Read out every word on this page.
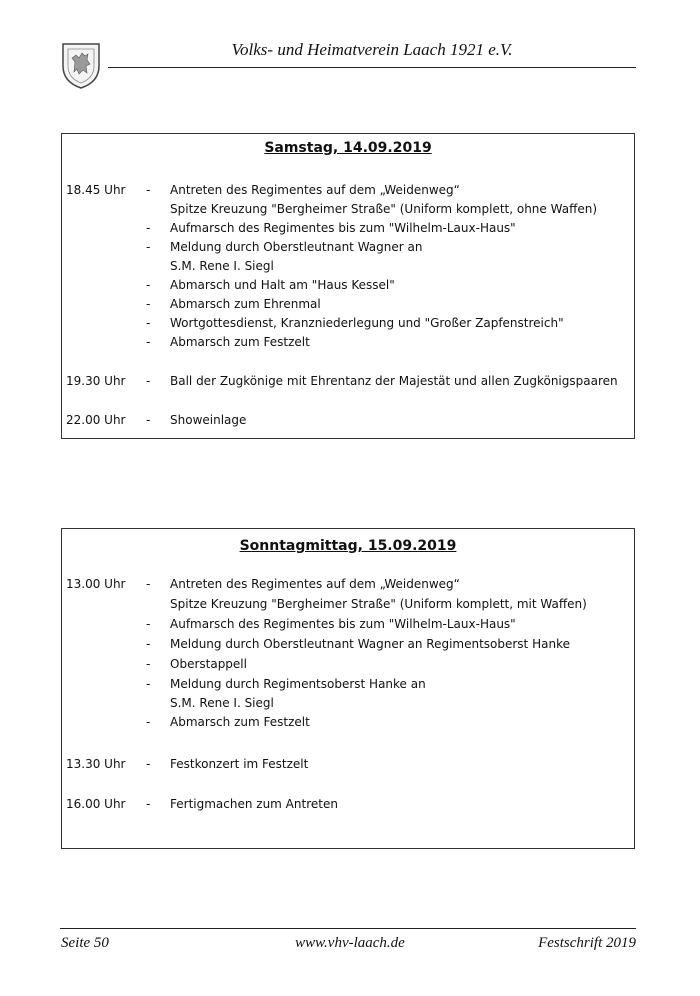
Volks- und Heimatverein Laach 1921 e.V.
Samstag, 14.09.2019
18.45 Uhr - Antreten des Regimentes auf dem „Weidenweg“
Spitze Kreuzung "Bergheimer Straße" (Uniform komplett, ohne Waffen)
- Aufmarsch des Regimentes bis zum "Wilhelm-Laux-Haus"
- Meldung durch Oberstleutnant Wagner an
S.M. Rene I. Siegl
- Abmarsch und Halt am "Haus Kessel"
- Abmarsch zum Ehrenmal
- Wortgottesdienst, Kranzniederlegung und "Großer Zapfenstreich"
- Abmarsch zum Festzelt
19.30 Uhr - Ball der Zugkönige mit Ehrentanz der Majestät und allen Zugkönigspaaren
22.00 Uhr - Showeinlage
Sonntagmittag, 15.09.2019
13.00 Uhr - Antreten des Regimentes auf dem „Weidenweg“
Spitze Kreuzung "Bergheimer Straße" (Uniform komplett, mit Waffen)
- Aufmarsch des Regimentes bis zum "Wilhelm-Laux-Haus"
- Meldung durch Oberstleutnant Wagner an Regimentsoberst Hanke
- Oberstappell
- Meldung durch Regimentsoberst Hanke an
S.M. Rene I. Siegl
- Abmarsch zum Festzelt
13.30 Uhr - Festkonzert im Festzelt
16.00 Uhr - Fertigmachen zum Antreten
Seite 50	www.vhv-laach.de	Festschrift 2019
